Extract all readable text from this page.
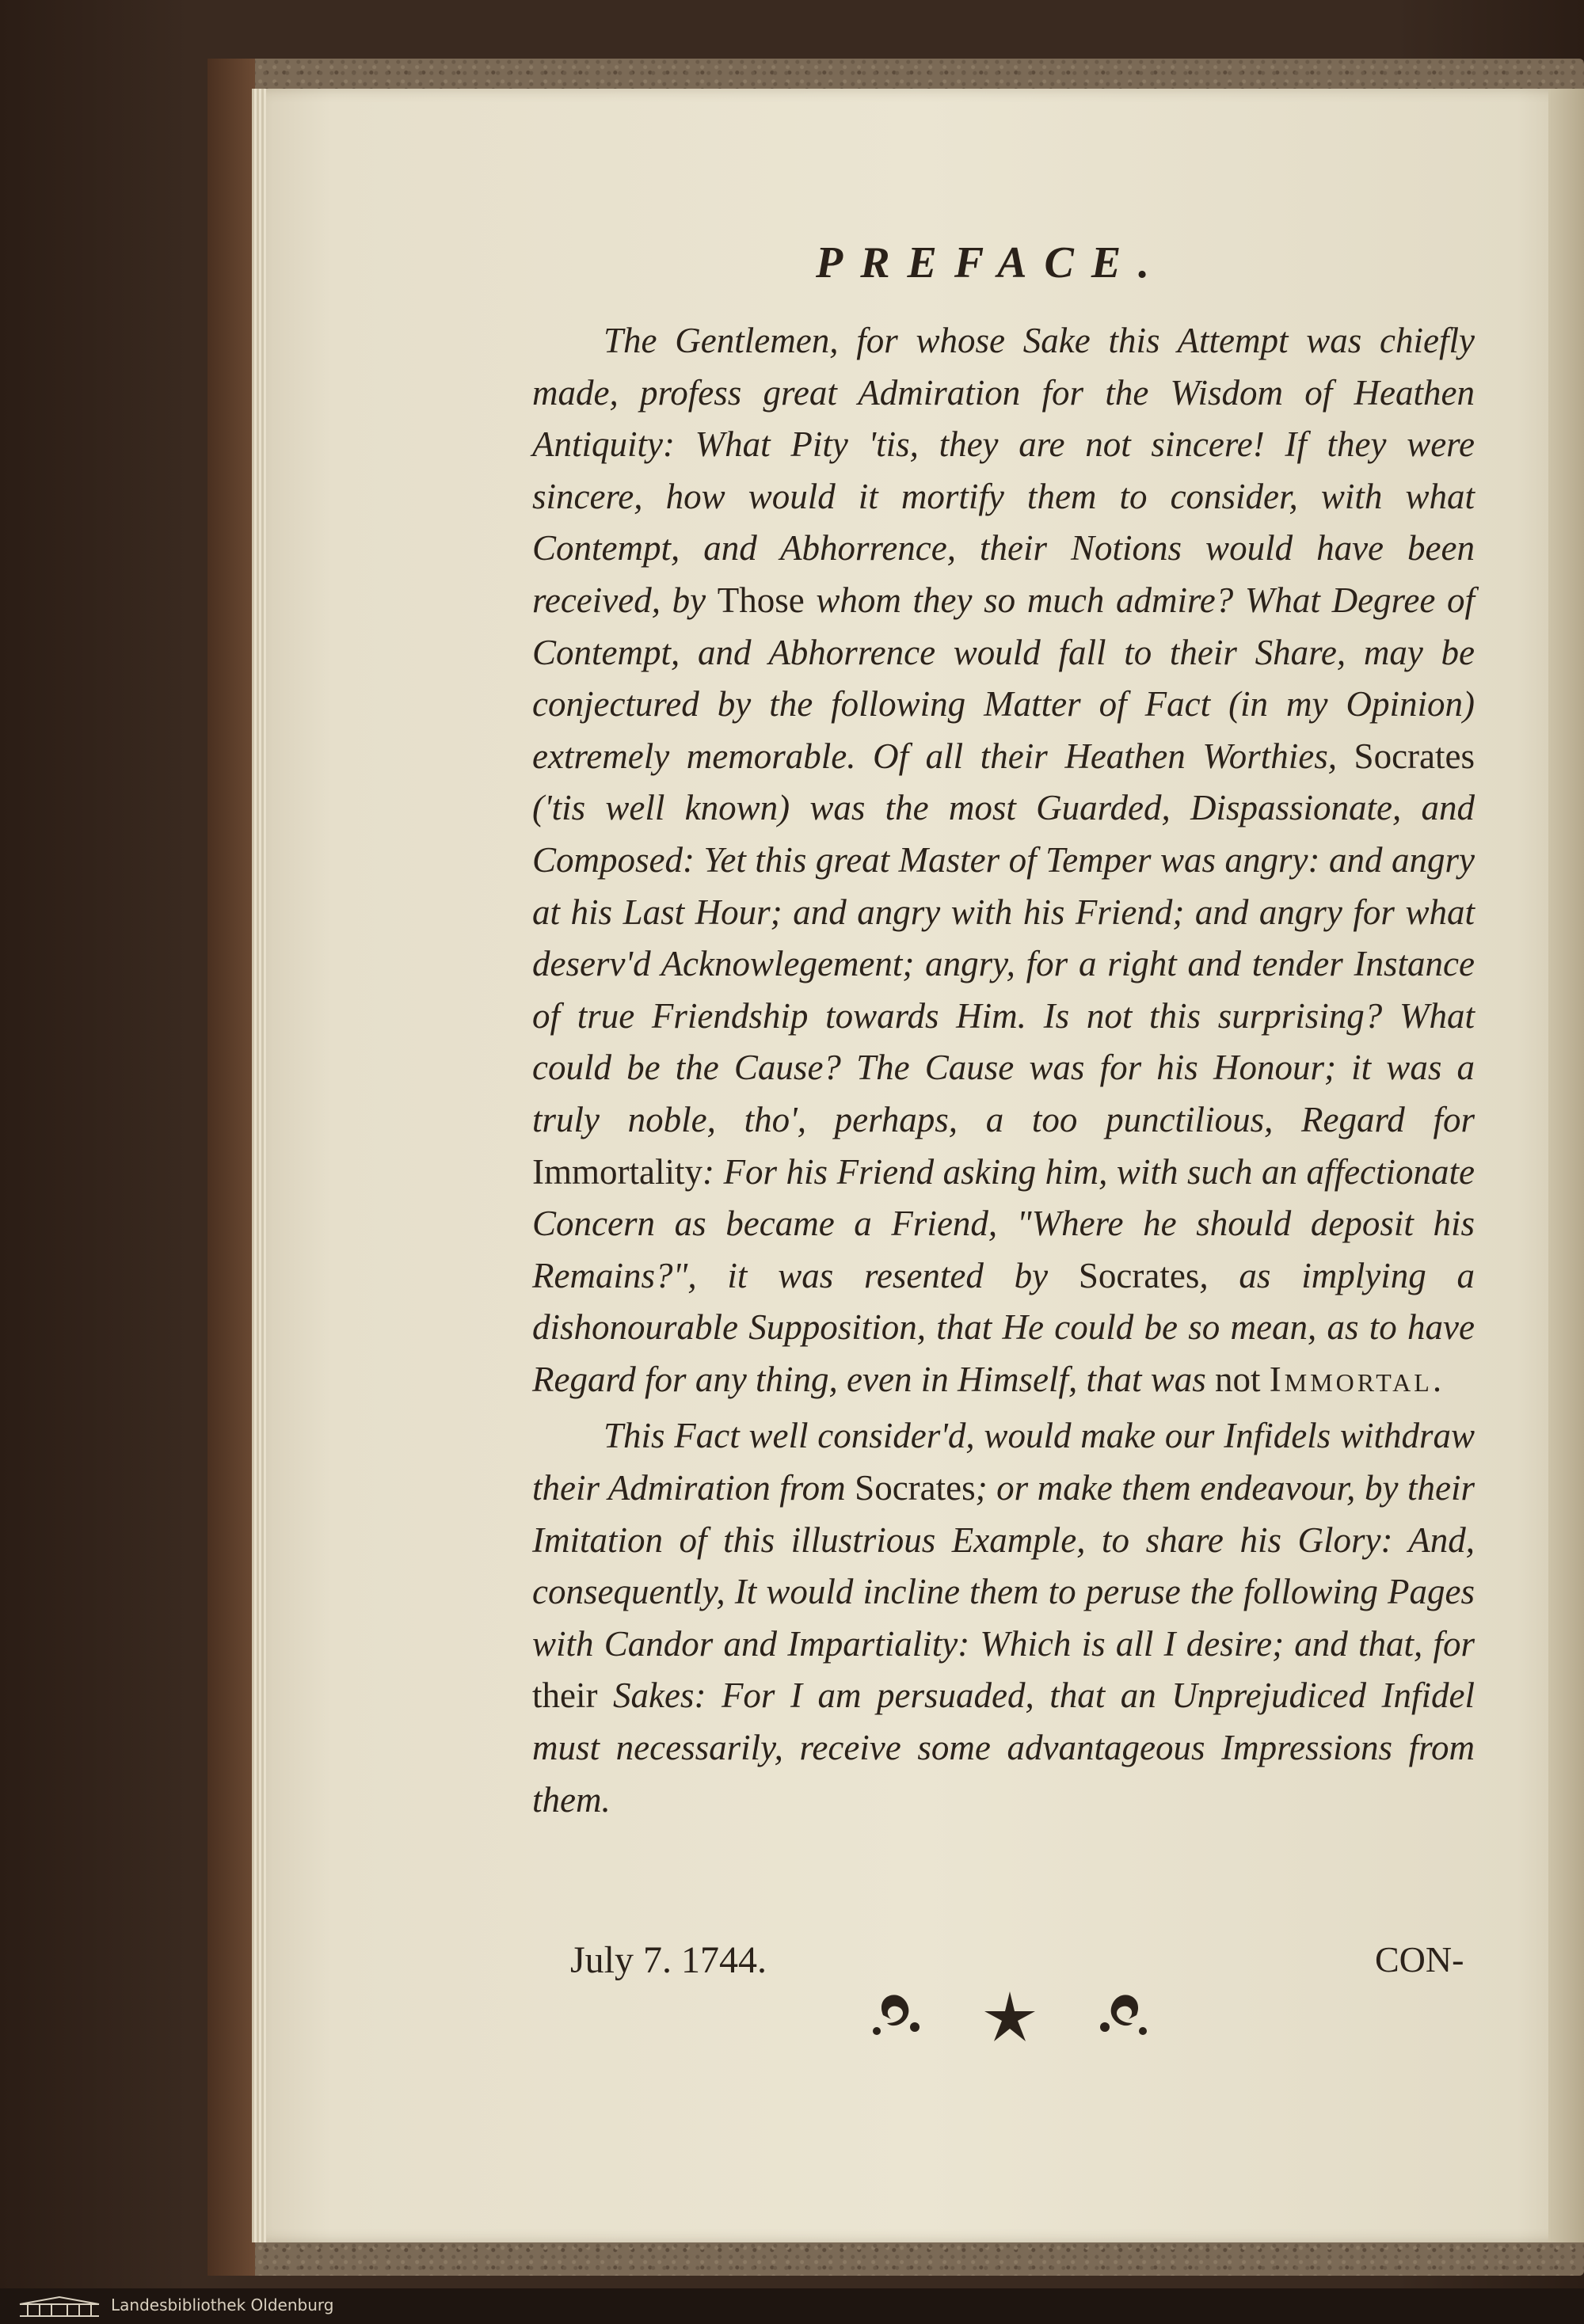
PREFACE.

The Gentlemen, for whose Sake this Attempt was chiefly made, profess great Admiration for the Wisdom of Heathen Antiquity: What Pity 'tis, they are not sincere! If they were sincere, how would it mortify them to consider, with what Contempt, and Abhorrence, their Notions would have been received, by Those whom they so much admire? What Degree of Contempt, and Abhorrence would fall to their Share, may be conjectured by the following Matter of Fact (in my Opinion) extremely memorable. Of all their Heathen Worthies, Socrates ('tis well known) was the most Guarded, Dispassionate, and Composed: Yet this great Master of Temper was angry: and angry at his Last Hour; and angry with his Friend; and angry for what deserv'd Acknowlegement; angry, for a right and tender Instance of true Friendship towards Him. Is not this surprising? What could be the Cause? The Cause was for his Honour; it was a truly noble, tho', perhaps, a too punctilious, Regard for Immortality: For his Friend asking him, with such an affectionate Concern as became a Friend, "Where he should deposit his Remains?", it was resented by Socrates, as implying a dishonourable Supposition, that He could be so mean, as to have Regard for any thing, even in Himself, that was not Immortal.

This Fact well consider'd, would make our Infidels withdraw their Admiration from Socrates; or make them endeavour, by their Imitation of this illustrious Example, to share his Glory: And, consequently, It would incline them to peruse the following Pages with Candor and Impartiality: Which is all I desire; and that, for their Sakes: For I am persuaded, that an Unprejudiced Infidel must necessarily, receive some advantageous Impressions from them.

July 7. 1744.	CON-
Landesbibliothek Oldenburg
